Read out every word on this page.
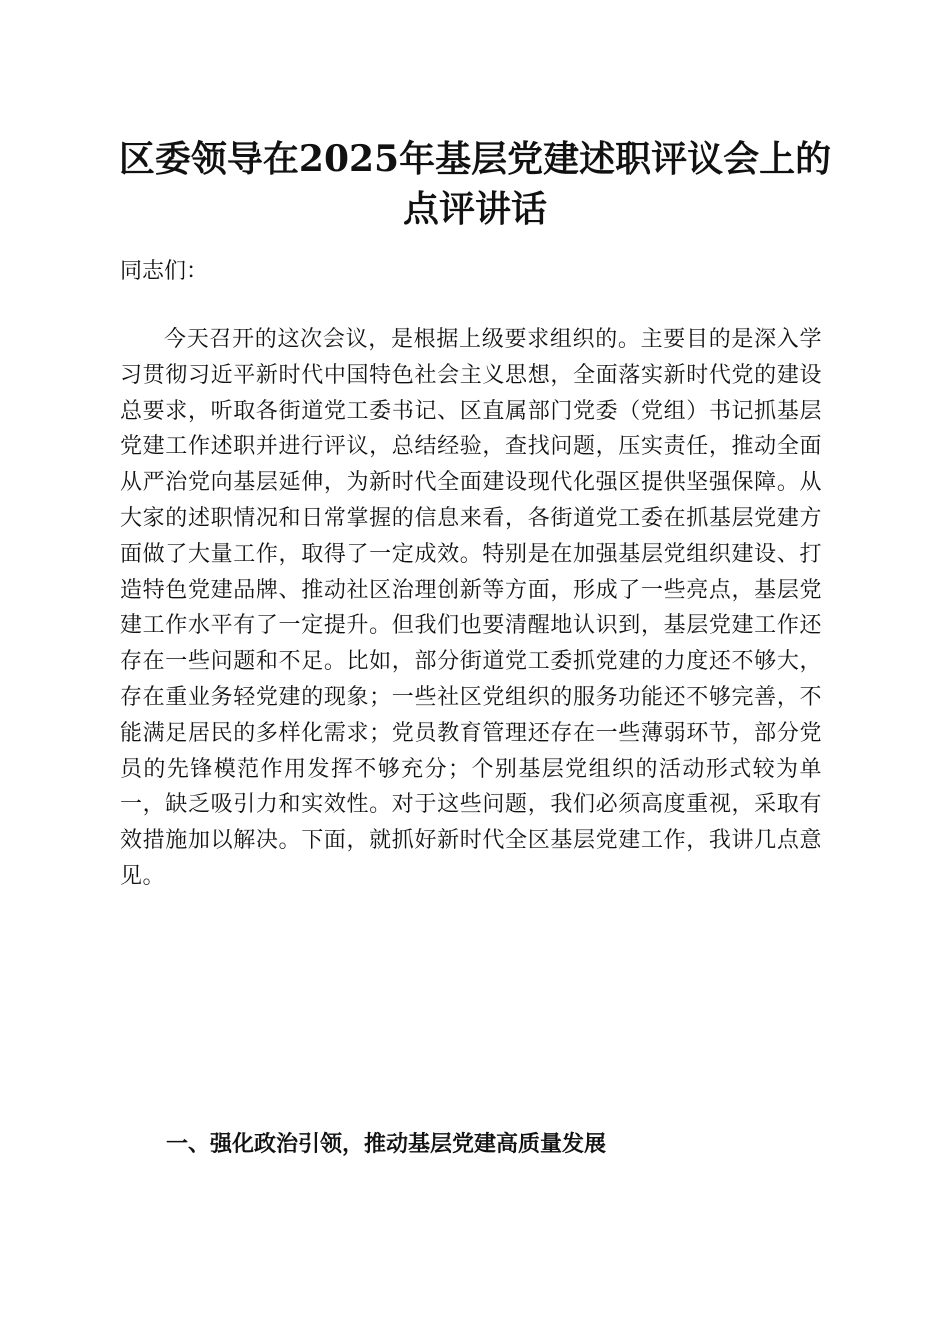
区委领导在2025年基层党建述职评议会上的
点评讲话

同志们：

今天召开的这次会议，是根据上级要求组织的。主要目的是深入学习贯彻习近平新时代中国特色社会主义思想，全面落实新时代党的建设总要求，听取各街道党工委书记、区直属部门党委（党组）书记抓基层党建工作述职并进行评议，总结经验，查找问题，压实责任，推动全面从严治党向基层延伸，为新时代全面建设现代化强区提供坚强保障。从大家的述职情况和日常掌握的信息来看，各街道党工委在抓基层党建方面做了大量工作，取得了一定成效。特别是在加强基层党组织建设、打造特色党建品牌、推动社区治理创新等方面，形成了一些亮点，基层党建工作水平有了一定提升。但我们也要清醒地认识到，基层党建工作还存在一些问题和不足。比如，部分街道党工委抓党建的力度还不够大，存在重业务轻党建的现象；一些社区党组织的服务功能还不够完善，不能满足居民的多样化需求；党员教育管理还存在一些薄弱环节，部分党员的先锋模范作用发挥不够充分；个别基层党组织的活动形式较为单一，缺乏吸引力和实效性。对于这些问题，我们必须高度重视，采取有效措施加以解决。下面，就抓好新时代全区基层党建工作，我讲几点意见。

一、强化政治引领，推动基层党建高质量发展
